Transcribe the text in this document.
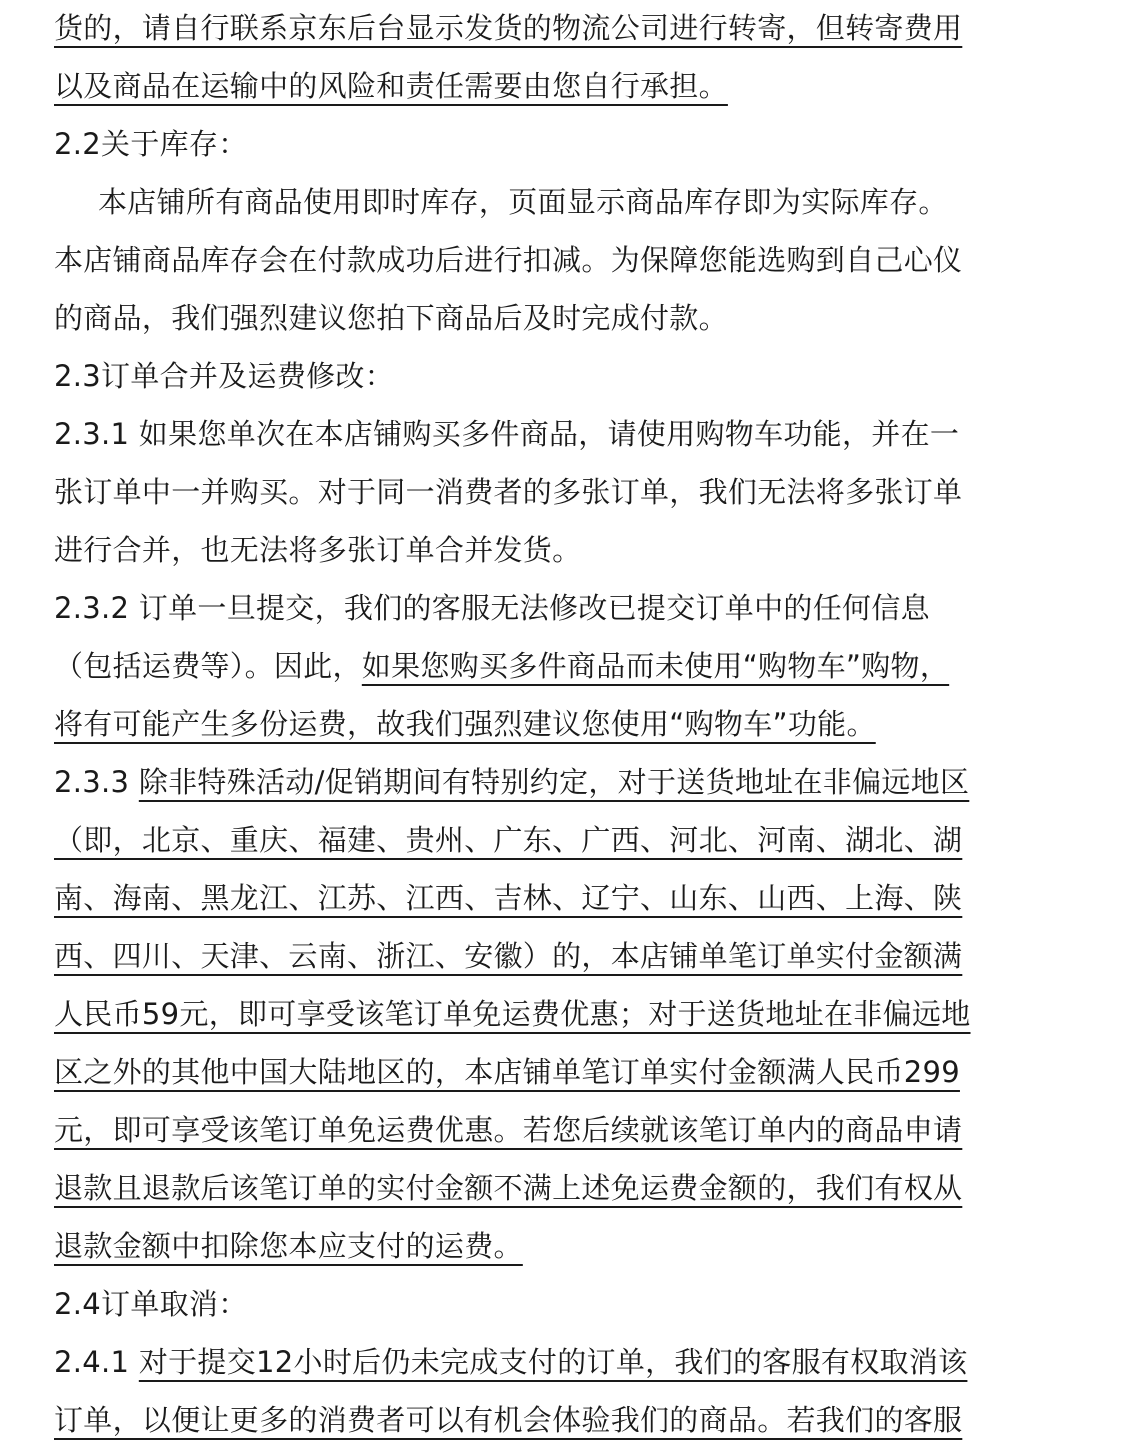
货的，请自行联系京东后台显示发货的物流公司进行转寄，但转寄费用
以及商品在运输中的风险和责任需要由您自行承担。
2.2关于库存：
本店铺所有商品使用即时库存，页面显示商品库存即为实际库存。
本店铺商品库存会在付款成功后进行扣减。为保障您能选购到自己心仪
的商品，我们强烈建议您拍下商品后及时完成付款。
2.3订单合并及运费修改：
2.3.1 如果您单次在本店铺购买多件商品，请使用购物车功能，并在一
张订单中一并购买。对于同一消费者的多张订单，我们无法将多张订单
进行合并，也无法将多张订单合并发货。
2.3.2 订单一旦提交，我们的客服无法修改已提交订单中的任何信息
（包括运费等）。因此，如果您购买多件商品而未使用“购物车”购物，
将有可能产生多份运费，故我们强烈建议您使用“购物车”功能。
2.3.3 除非特殊活动/促销期间有特别约定，对于送货地址在非偏远地区
（即，北京、重庆、福建、贵州、广东、广西、河北、河南、湖北、湖
南、海南、黑龙江、江苏、江西、吉林、辽宁、山东、山西、上海、陕
西、四川、天津、云南、浙江、安徽）的，本店铺单笔订单实付金额满
人民币59元，即可享受该笔订单免运费优惠；对于送货地址在非偏远地
区之外的其他中国大陆地区的，本店铺单笔订单实付金额满人民币299
元，即可享受该笔订单免运费优惠。若您后续就该笔订单内的商品申请
退款且退款后该笔订单的实付金额不满上述免运费金额的，我们有权从
退款金额中扣除您本应支付的运费。
2.4订单取消：
2.4.1 对于提交12小时后仍未完成支付的订单，我们的客服有权取消该
订单，以便让更多的消费者可以有机会体验我们的商品。若我们的客服
